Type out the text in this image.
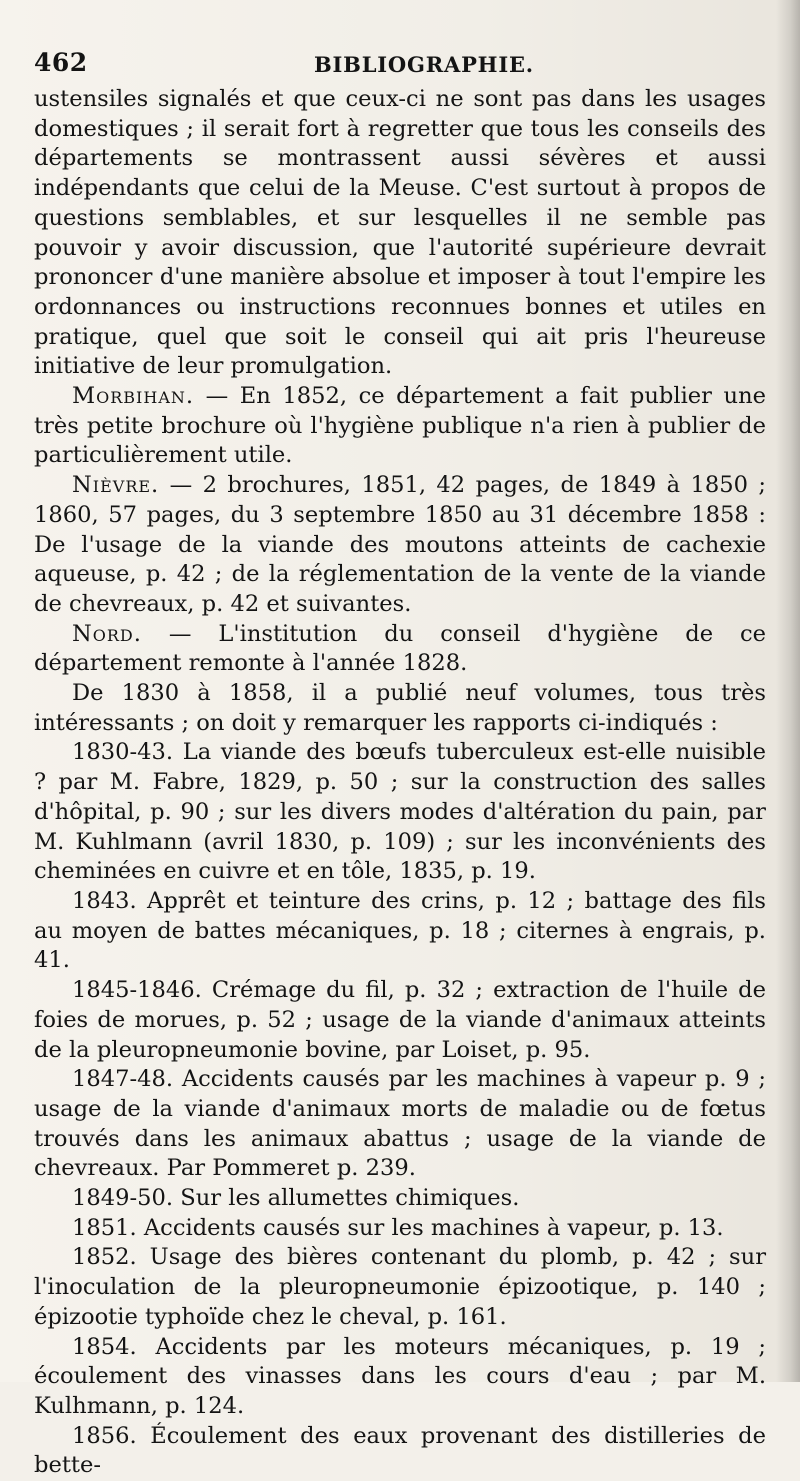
462	BIBLIOGRAPHIE.

ustensiles signalés et que ceux-ci ne sont pas dans les usages domestiques ; il serait fort à regretter que tous les conseils des départements se montrassent aussi sévères et aussi indépendants que celui de la Meuse. C'est surtout à propos de questions semblables, et sur lesquelles il ne semble pas pouvoir y avoir discussion, que l'autorité supérieure devrait prononcer d'une manière absolue et imposer à tout l'empire les ordonnances ou instructions reconnues bonnes et utiles en pratique, quel que soit le conseil qui ait pris l'heureuse initiative de leur promulgation.

Morbihan. — En 1852, ce département a fait publier une très petite brochure où l'hygiène publique n'a rien à publier de particulièrement utile.

Nièvre. — 2 brochures, 1851, 42 pages, de 1849 à 1850 ; 1860, 57 pages, du 3 septembre 1850 au 31 décembre 1858 : De l'usage de la viande des moutons atteints de cachexie aqueuse, p. 42 ; de la réglementation de la vente de la viande de chevreaux, p. 42 et suivantes.

Nord. — L'institution du conseil d'hygiène de ce département remonte à l'année 1828.

De 1830 à 1858, il a publié neuf volumes, tous très intéressants ; on doit y remarquer les rapports ci-indiqués :

1830-43. La viande des bœufs tuberculeux est-elle nuisible ? par M. Fabre, 1829, p. 50 ; sur la construction des salles d'hôpital, p. 90 ; sur les divers modes d'altération du pain, par M. Kuhlmann (avril 1830, p. 109) ; sur les inconvénients des cheminées en cuivre et en tôle, 1835, p. 19.

1843. Apprêt et teinture des crins, p. 12 ; battage des fils au moyen de battes mécaniques, p. 18 ; citernes à engrais, p. 41.

1845-1846. Crémage du fil, p. 32 ; extraction de l'huile de foies de morues, p. 52 ; usage de la viande d'animaux atteints de la pleuropneumonie bovine, par Loiset, p. 95.

1847-48. Accidents causés par les machines à vapeur p. 9 ; usage de la viande d'animaux morts de maladie ou de fœtus trouvés dans les animaux abattus ; usage de la viande de chevreaux. Par Pommeret p. 239.

1849-50. Sur les allumettes chimiques.

1851. Accidents causés sur les machines à vapeur, p. 13.

1852. Usage des bières contenant du plomb, p. 42 ; sur l'inoculation de la pleuropneumonie épizootique, p. 140 ; épizootie typhoïde chez le cheval, p. 161.

1854. Accidents par les moteurs mécaniques, p. 19 ; écoulement des vinasses dans les cours d'eau ; par M. Kulhmann, p. 124.

1856. Écoulement des eaux provenant des distilleries de bette-
